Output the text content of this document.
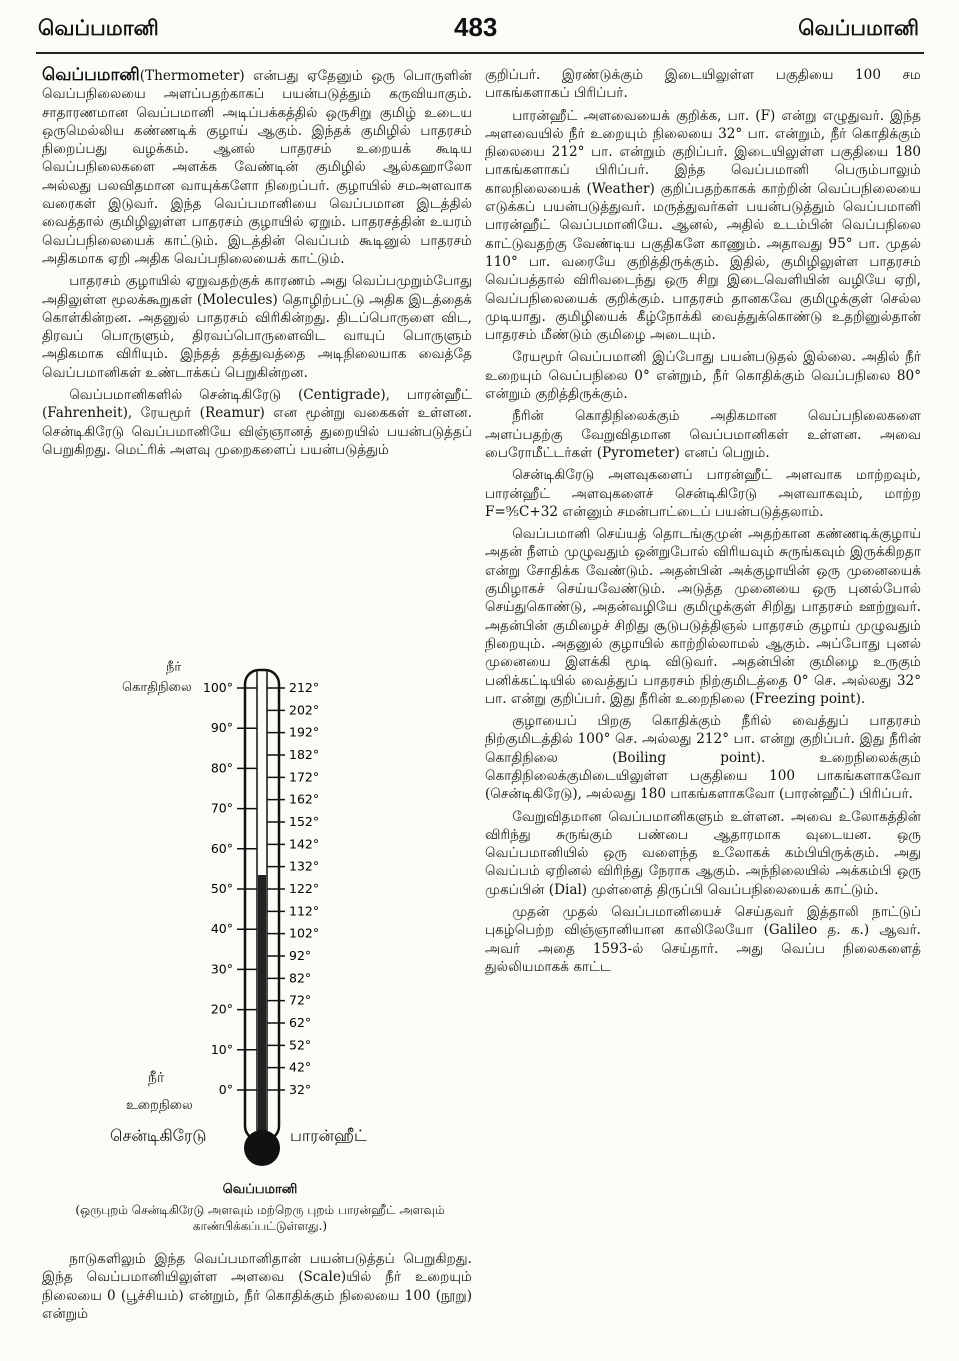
வெப்பமானி	483	வெப்பமானி

வெப்பமானி(Thermometer) என்பது ஏதேனும் ஒரு பொருளின் வெப்பநிலையை அளப்பதற்காகப் பயன்படுத்தும் கருவியாகும். சாதாரணமான வெப்பமானி அடிப்பக்கத்தில் ஒருசிறு குமிழ் உடைய ஒருமெல்லிய கண்ணடிக் குழாய் ஆகும். இந்தக் குமிழில் பாதரசம் நிறைப்பது வழக்கம். ஆனல் பாதரசம் உறையக் கூடிய வெப்பநிலைகளை அளக்க வேண்டின் குமிழில் ஆல்கஹாலோ அல்லது பலவிதமான வாயுக்களோ நிறைப்பர். குழாயில் சமஅளவாக வரைகள் இடுவர். இந்த வெப்பமானியை வெப்பமான இடத்தில் வைத்தால் குமிழிலுள்ள பாதரசம் குழாயில் ஏறும். பாதரசத்தின் உயரம் வெப்பநிலையைக் காட்டும். இடத்தின் வெப்பம் கூடினுல் பாதரசம் அதிகமாக ஏறி அதிக வெப்பநிலையைக் காட்டும்.

பாதரசம் குழாயில் ஏறுவதற்குக் காரணம் அது வெப்பமுறும்போது அதிலுள்ள மூலக்கூறுகள் (Molecules) தொழிற்பட்டு அதிக இடத்தைக் கொள்கின்றன. அதனுல் பாதரசம் விரிகின்றது. திடப்பொருளை விட, திரவப் பொருளும், திரவப்பொருளைவிட வாயுப் பொருளும் அதிகமாக விரியும். இந்தத் தத்துவத்தை அடிநிலையாக வைத்தே வெப்பமானிகள் உண்டாக்கப் பெறுகின்றன.

வெப்பமானிகளில் சென்டிகிரேடு (Centigrade), பாரன்ஹீட் (Fahrenheit), ரேயமூர் (Reamur) என மூன்று வகைகள் உள்ளன. சென்டிகிரேடு வெப்பமானியே விஞ்ஞானத் துறையில் பயன்படுத்தப் பெறுகிறது. மெட்ரிக் அளவு முறைகளைப் பயன்படுத்தும்

100°
90°
80°
70°
60°
50°
40°
30°
20°
10°
0°
212°
202°
192°
182°
172°
162°
152°
142°
132°
122°
112°
102°
92°
82°
72°
62°
52°
42°
32°
நீர்
கொதிநிலை
நீர்
உறைநிலை
சென்டிகிரேடு	பாரன்ஹீட்
வெப்பமானி
(ஒருபுறம் சென்டிகிரேடு அளவும் மற்றெரு புறம் பாரன்ஹீட் அளவும் காண்பிக்கப்பட்டுள்ளது.)

நாடுகளிலும் இந்த வெப்பமானிதான் பயன்படுத்தப் பெறுகிறது. இந்த வெப்பமானியிலுள்ள அளவை (Scale)யில் நீர் உறையும் நிலையை 0 (பூச்சியம்) என்றும், நீர் கொதிக்கும் நிலையை 100 (நூறு) என்றும்

குறிப்பர். இரண்டுக்கும் இடையிலுள்ள பகுதியை 100 சம பாகங்களாகப் பிரிப்பர்.

பாரன்ஹீட் அளவையைக் குறிக்க, பா. (F) என்று எழுதுவர். இந்த அளவையில் நீர் உறையும் நிலையை 32° பா. என்றும், நீர் கொதிக்கும் நிலையை 212° பா. என்றும் குறிப்பர். இடையிலுள்ள பகுதியை 180 பாகங்களாகப் பிரிப்பர். இந்த வெப்பமானி பெரும்பாலும் காலநிலையைக் (Weather) குறிப்பதற்காகக் காற்றின் வெப்பநிலையை எடுக்கப் பயன்படுத்துவர். மருத்துவர்கள் பயன்படுத்தும் வெப்பமானி பாரன்ஹீட் வெப்பமானியே. ஆனல், அதில் உடம்பின் வெப்பநிலை காட்டுவதற்கு வேண்டிய பகுதிகளே காணும். அதாவது 95° பா. முதல் 110° பா. வரையே குறித்திருக்கும். இதில், குமிழிலுள்ள பாதரசம் வெப்பத்தால் விரிவடைந்து ஒரு சிறு இடைவெளியின் வழியே ஏறி, வெப்பநிலையைக் குறிக்கும். பாதரசம் தானகவே குமிழுக்குள் செல்ல முடியாது. குமிழியைக் கீழ்நோக்கி வைத்துக்கொண்டு உதறினுல்தான் பாதரசம் மீண்டும் குமிழை அடையும்.

ரேயமூர் வெப்பமானி இப்போது பயன்படுதல் இல்லை. அதில் நீர் உறையும் வெப்பநிலை 0° என்றும், நீர் கொதிக்கும் வெப்பநிலை 80° என்றும் குறித்திருக்கும்.

நீரின் கொதிநிலைக்கும் அதிகமான வெப்பநிலைகளை அளப்பதற்கு வேறுவிதமான வெப்பமானிகள் உள்ளன. அவை பைரோமீட்டர்கள் (Pyrometer) எனப் பெறும்.

சென்டிகிரேடு அளவுகளைப் பாரன்ஹீட் அளவாக மாற்றவும், பாரன்ஹீட் அளவுகளைச் சென்டிகிரேடு அளவாகவும், மாற்ற F=⁹⁄₅C+32 என்னும் சமன்பாட்டைப் பயன்படுத்தலாம்.

வெப்பமானி செய்யத் தொடங்குமுன் அதற்கான கண்ணடிக்குழாய் அதன் நீளம் முழுவதும் ஒன்றுபோல் விரியவும் சுருங்கவும் இருக்கிறதா என்று சோதிக்க வேண்டும். அதன்பின் அக்குழாயின் ஒரு முனையைக் குமிழாகச் செய்யவேண்டும். அடுத்த முனையை ஒரு புனல்போல் செய்துகொண்டு, அதன்வழியே குமிழுக்குள் சிறிது பாதரசம் ஊற்றுவர். அதன்பின் குமிழைச் சிறிது சூடுபடுத்திஞல் பாதரசம் குழாய் முழுவதும் நிறையும். அதனுல் குழாயில் காற்றில்லாமல் ஆகும். அப்போது புனல் முனையை இளக்கி மூடி விடுவர். அதன்பின் குமிழை உருகும் பனிக்கட்டியில் வைத்துப் பாதரசம் நிற்குமிடத்தை 0° செ. அல்லது 32° பா. என்று குறிப்பர். இது நீரின் உறைநிலை (Freezing point).

குழாயைப் பிறகு கொதிக்கும் நீரில் வைத்துப் பாதரசம் நிற்குமிடத்தில் 100° செ. அல்லது 212° பா. என்று குறிப்பர். இது நீரின் கொதிநிலை (Boiling point). உறைநிலைக்கும் கொதிநிலைக்குமிடையிலுள்ள பகுதியை 100 பாகங்களாகவோ (சென்டிகிரேடு), அல்லது 180 பாகங்களாகவோ (பாரன்ஹீட்) பிரிப்பர்.

வேறுவிதமான வெப்பமானிகளும் உள்ளன. அவை உலோகத்தின் விரிந்து சுருங்கும் பண்பை ஆதாரமாக வுடையன. ஒரு வெப்பமானியில் ஒரு வளைந்த உலோகக் கம்பியிருக்கும். அது வெப்பம் ஏறினல் விரிந்து நேராக ஆகும். அந்நிலையில் அக்கம்பி ஒரு முகப்பின் (Dial) முள்ளைத் திருப்பி வெப்பநிலையைக் காட்டும்.

முதன் முதல் வெப்பமானியைச் செய்தவர் இத்தாலி நாட்டுப் புகழ்பெற்ற விஞ்ஞானியான காலிலேயோ (Galileo த. க.) ஆவர். அவர் அதை 1593-ல் செய்தார். அது வெப்ப நிலைகளைத் துல்லியமாகக் காட்ட
